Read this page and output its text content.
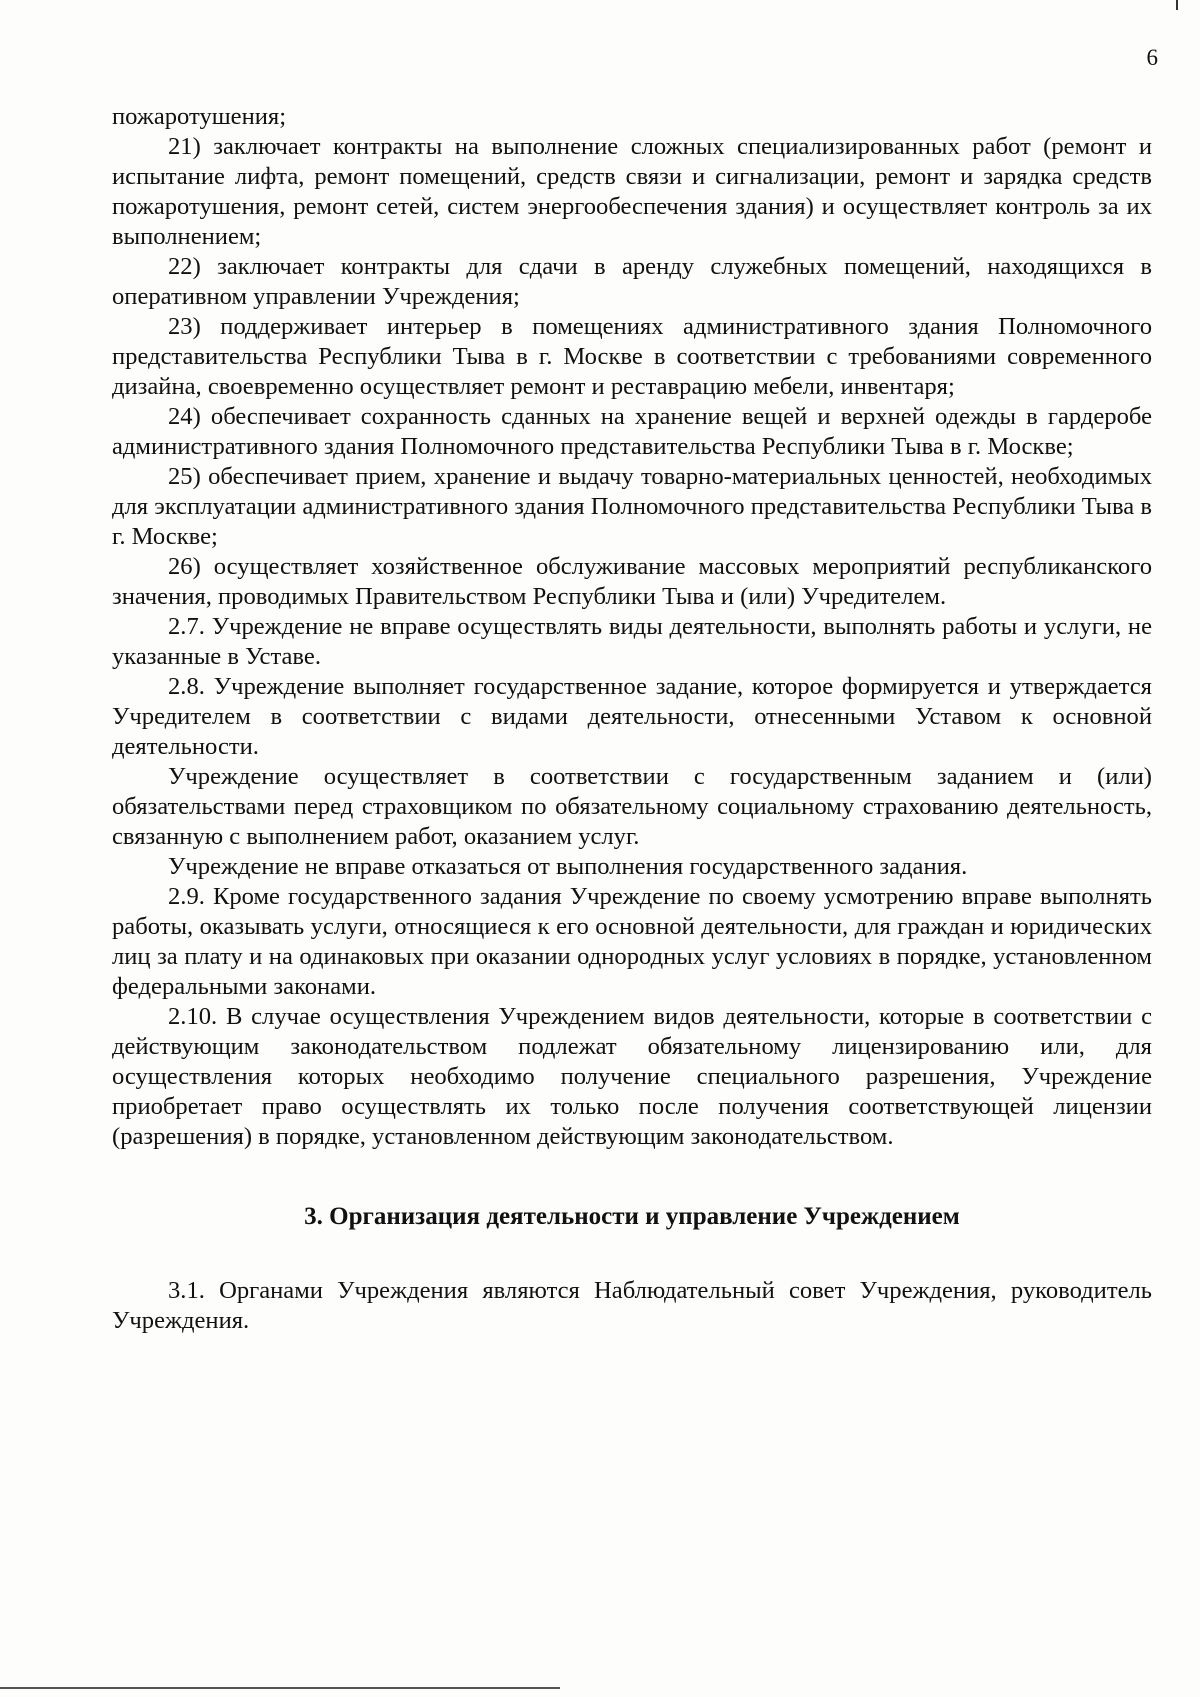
6

пожаротушения;

21) заключает контракты на выполнение сложных специализированных работ (ремонт и испытание лифта, ремонт помещений, средств связи и сигнализации, ремонт и зарядка средств пожаротушения, ремонт сетей, систем энергообеспечения здания) и осуществляет контроль за их выполнением;

22) заключает контракты для сдачи в аренду служебных помещений, находящихся в оперативном управлении Учреждения;

23) поддерживает интерьер в помещениях административного здания Полномочного представительства Республики Тыва в г. Москве в соответствии с требованиями современного дизайна, своевременно осуществляет ремонт и реставрацию мебели, инвентаря;

24) обеспечивает сохранность сданных на хранение вещей и верхней одежды в гардеробе административного здания Полномочного представительства Республики Тыва в г. Москве;

25) обеспечивает прием, хранение и выдачу товарно-материальных ценностей, необходимых для эксплуатации административного здания Полномочного представительства Республики Тыва в г. Москве;

26) осуществляет хозяйственное обслуживание массовых мероприятий республиканского значения, проводимых Правительством Республики Тыва и (или) Учредителем.

2.7. Учреждение не вправе осуществлять виды деятельности, выполнять работы и услуги, не указанные в Уставе.

2.8. Учреждение выполняет государственное задание, которое формируется и утверждается Учредителем в соответствии с видами деятельности, отнесенными Уставом к основной деятельности.

Учреждение осуществляет в соответствии с государственным заданием и (или) обязательствами перед страховщиком по обязательному социальному страхованию деятельность, связанную с выполнением работ, оказанием услуг.

Учреждение не вправе отказаться от выполнения государственного задания.

2.9. Кроме государственного задания Учреждение по своему усмотрению вправе выполнять работы, оказывать услуги, относящиеся к его основной деятельности, для граждан и юридических лиц за плату и на одинаковых при оказании однородных услуг условиях в порядке, установленном федеральными законами.

2.10. В случае осуществления Учреждением видов деятельности, которые в соответствии с действующим законодательством подлежат обязательному лицензированию или, для осуществления которых необходимо получение специального разрешения, Учреждение приобретает право осуществлять их только после получения соответствующей лицензии (разрешения) в порядке, установленном действующим законодательством.

3. Организация деятельности и управление Учреждением

3.1. Органами Учреждения являются Наблюдательный совет Учреждения, руководитель Учреждения.
